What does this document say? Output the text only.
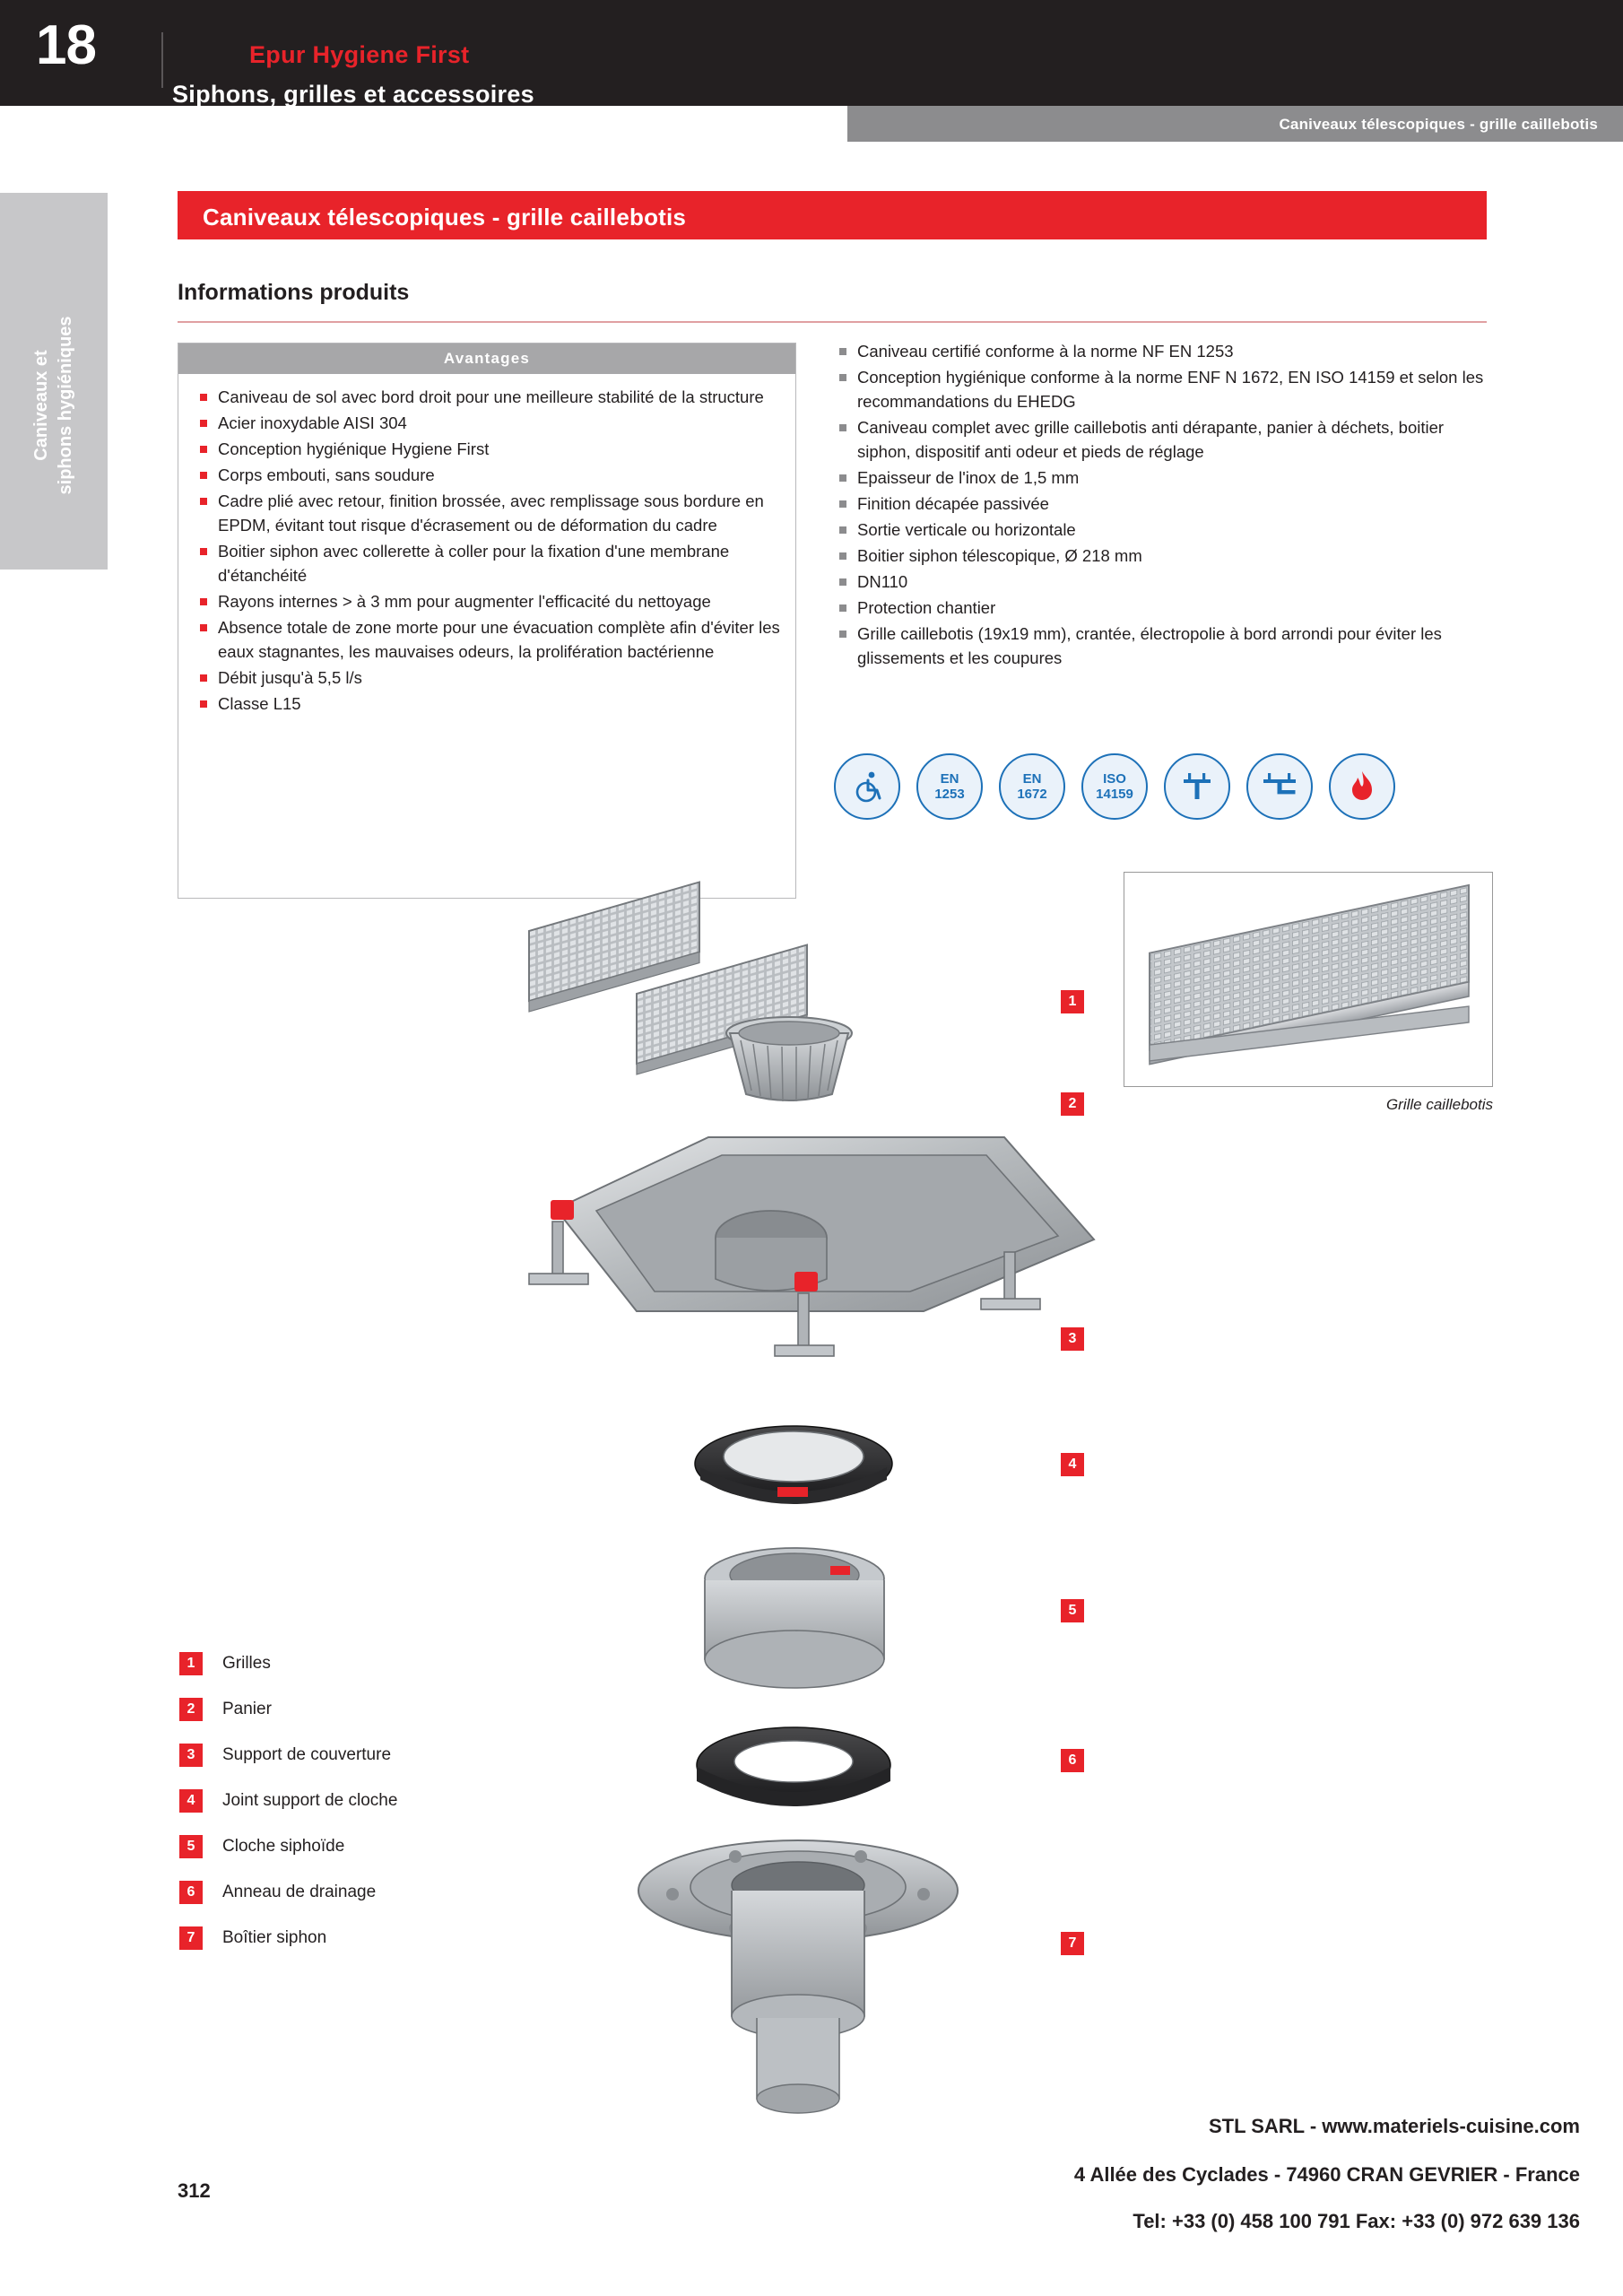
18	Epur Hygiene First
Siphons, grilles et accessoires
Caniveaux télescopiques - grille caillebotis
Caniveaux et siphons hygiéniques
Caniveaux télescopiques - grille caillebotis
Informations produits
Avantages
Caniveau de sol avec bord droit pour une meilleure stabilité de la structure
Acier inoxydable AISI 304
Conception hygiénique Hygiene First
Corps embouti, sans soudure
Cadre plié avec retour, finition brossée, avec remplissage sous bordure en EPDM, évitant tout risque d'écrasement ou de déformation du cadre
Boitier siphon avec collerette à coller pour la fixation d'une membrane d'étanchéité
Rayons internes > à 3 mm pour augmenter l'efficacité du nettoyage
Absence totale de zone morte pour une évacuation complète afin d'éviter les eaux stagnantes, les mauvaises odeurs, la prolifération bactérienne
Débit jusqu'à 5,5 l/s
Classe L15
Caniveau certifié conforme à la norme NF EN 1253
Conception hygiénique conforme à la norme ENF N 1672, EN ISO 14159 et selon les recommandations du EHEDG
Caniveau complet avec grille caillebotis anti dérapante, panier à déchets, boitier siphon, dispositif anti odeur et pieds de réglage
Epaisseur de l'inox de 1,5 mm
Finition décapée passivée
Sortie verticale ou horizontale
Boitier siphon télescopique, Ø 218 mm
DN110
Protection chantier
Grille caillebotis (19x19 mm), crantée, électropolie à bord arrondi pour éviter les glissements et les coupures
EN
1253
EN
1672
ISO
14159
Grille caillebotis
1
2
3
4
5
6
7
1	Grilles
2	Panier
3	Support de couverture
4	Joint support de cloche
5	Cloche siphoïde
6	Anneau de drainage
7	Boîtier siphon
STL SARL - www.materiels-cuisine.com
4 Allée des Cyclades - 74960 CRAN GEVRIER - France
Tel: +33 (0) 458 100 791 Fax: +33 (0) 972 639 136
312
